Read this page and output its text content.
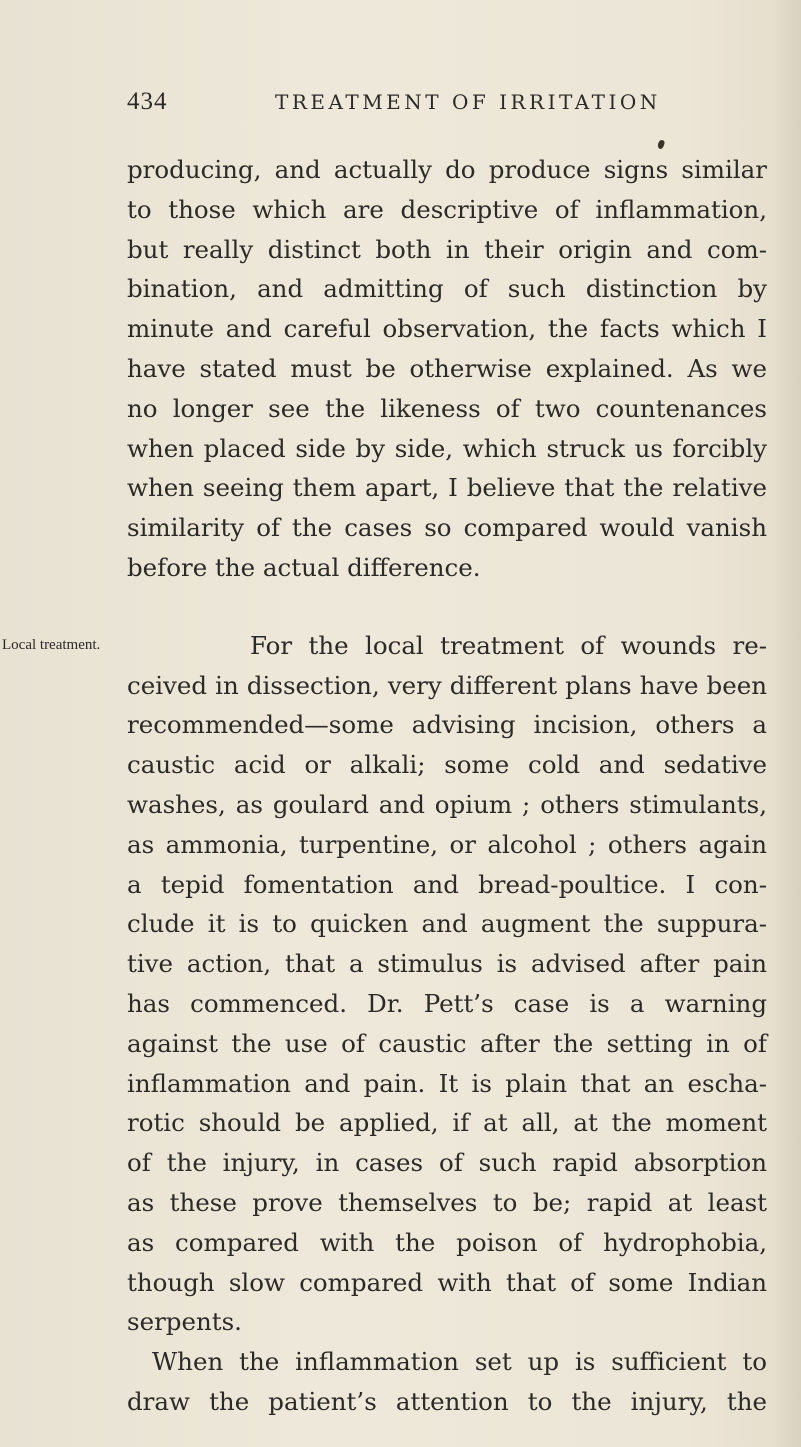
434	TREATMENT OF IRRITATION
producing, and actually do produce signs similar
to those which are descriptive of inflammation,
but really distinct both in their origin and com-
bination, and admitting of such distinction by
minute and careful observation, the facts which I
have stated must be otherwise explained. As we
no longer see the likeness of two countenances
when placed side by side, which struck us forcibly
when seeing them apart, I believe that the relative
similarity of the cases so compared would vanish
before the actual difference.
Local treatment.	For the local treatment of wounds re-
ceived in dissection, very different plans have been
recommended—some advising incision, others a
caustic acid or alkali; some cold and sedative
washes, as goulard and opium ; others stimulants,
as ammonia, turpentine, or alcohol ; others again
a tepid fomentation and bread-poultice. I con-
clude it is to quicken and augment the suppura-
tive action, that a stimulus is advised after pain
has commenced. Dr. Pett’s case is a warning
against the use of caustic after the setting in of
inflammation and pain. It is plain that an escha-
rotic should be applied, if at all, at the moment
of the injury, in cases of such rapid absorption
as these prove themselves to be; rapid at least
as compared with the poison of hydrophobia,
though slow compared with that of some Indian
serpents.
When the inflammation set up is sufficient to
draw the patient’s attention to the injury, the
